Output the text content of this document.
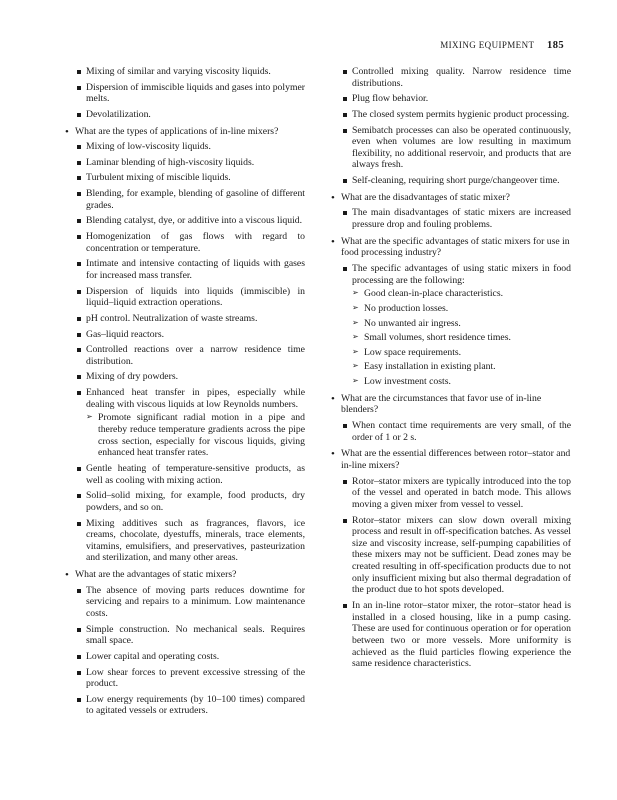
MIXING EQUIPMENT 185
Mixing of similar and varying viscosity liquids.
Dispersion of immiscible liquids and gases into polymer melts.
Devolatilization.

• What are the types of applications of in-line mixers?

Mixing of low-viscosity liquids.
Laminar blending of high-viscosity liquids.
Turbulent mixing of miscible liquids.
Blending, for example, blending of gasoline of different grades.
Blending catalyst, dye, or additive into a viscous liquid.
Homogenization of gas flows with regard to concentration or temperature.
Intimate and intensive contacting of liquids with gases for increased mass transfer.
Dispersion of liquids into liquids (immiscible) in liquid–liquid extraction operations.
pH control. Neutralization of waste streams.
Gas–liquid reactors.
Controlled reactions over a narrow residence time distribution.
Mixing of dry powders.
Enhanced heat transfer in pipes, especially while dealing with viscous liquids at low Reynolds numbers.
➢ Promote significant radial motion in a pipe and thereby reduce temperature gradients across the pipe cross section, especially for viscous liquids, giving enhanced heat transfer rates.
Gentle heating of temperature-sensitive products, as well as cooling with mixing action.
Solid–solid mixing, for example, food products, dry powders, and so on.
Mixing additives such as fragrances, flavors, ice creams, chocolate, dyestuffs, minerals, trace elements, vitamins, emulsifiers, and preservatives, pasteurization and sterilization, and many other areas.

• What are the advantages of static mixers?

The absence of moving parts reduces downtime for servicing and repairs to a minimum. Low maintenance costs.
Simple construction. No mechanical seals. Requires small space.
Lower capital and operating costs.
Low shear forces to prevent excessive stressing of the product.
Low energy requirements (by 10–100 times) compared to agitated vessels or extruders.
Controlled mixing quality. Narrow residence time distributions.
Plug flow behavior.
The closed system permits hygienic product processing.
Semibatch processes can also be operated continuously, even when volumes are low resulting in maximum flexibility, no additional reservoir, and products that are always fresh.
Self-cleaning, requiring short purge/changeover time.

• What are the disadvantages of static mixer?

The main disadvantages of static mixers are increased pressure drop and fouling problems.

• What are the specific advantages of static mixers for use in food processing industry?

The specific advantages of using static mixers in food processing are the following:
➢ Good clean-in-place characteristics.
➢ No production losses.
➢ No unwanted air ingress.
➢ Small volumes, short residence times.
➢ Low space requirements.
➢ Easy installation in existing plant.
➢ Low investment costs.

• What are the circumstances that favor use of in-line blenders?

When contact time requirements are very small, of the order of 1 or 2 s.

• What are the essential differences between rotor–stator and in-line mixers?

Rotor–stator mixers are typically introduced into the top of the vessel and operated in batch mode. This allows moving a given mixer from vessel to vessel.
Rotor–stator mixers can slow down overall mixing process and result in off-specification batches. As vessel size and viscosity increase, self-pumping capabilities of these mixers may not be sufficient. Dead zones may be created resulting in off-specification products due to not only insufficient mixing but also thermal degradation of the product due to hot spots developed.
In an in-line rotor–stator mixer, the rotor–stator head is installed in a closed housing, like in a pump casing. These are used for continuous operation or for operation between two or more vessels. More uniformity is achieved as the fluid particles flowing experience the same residence characteristics.
